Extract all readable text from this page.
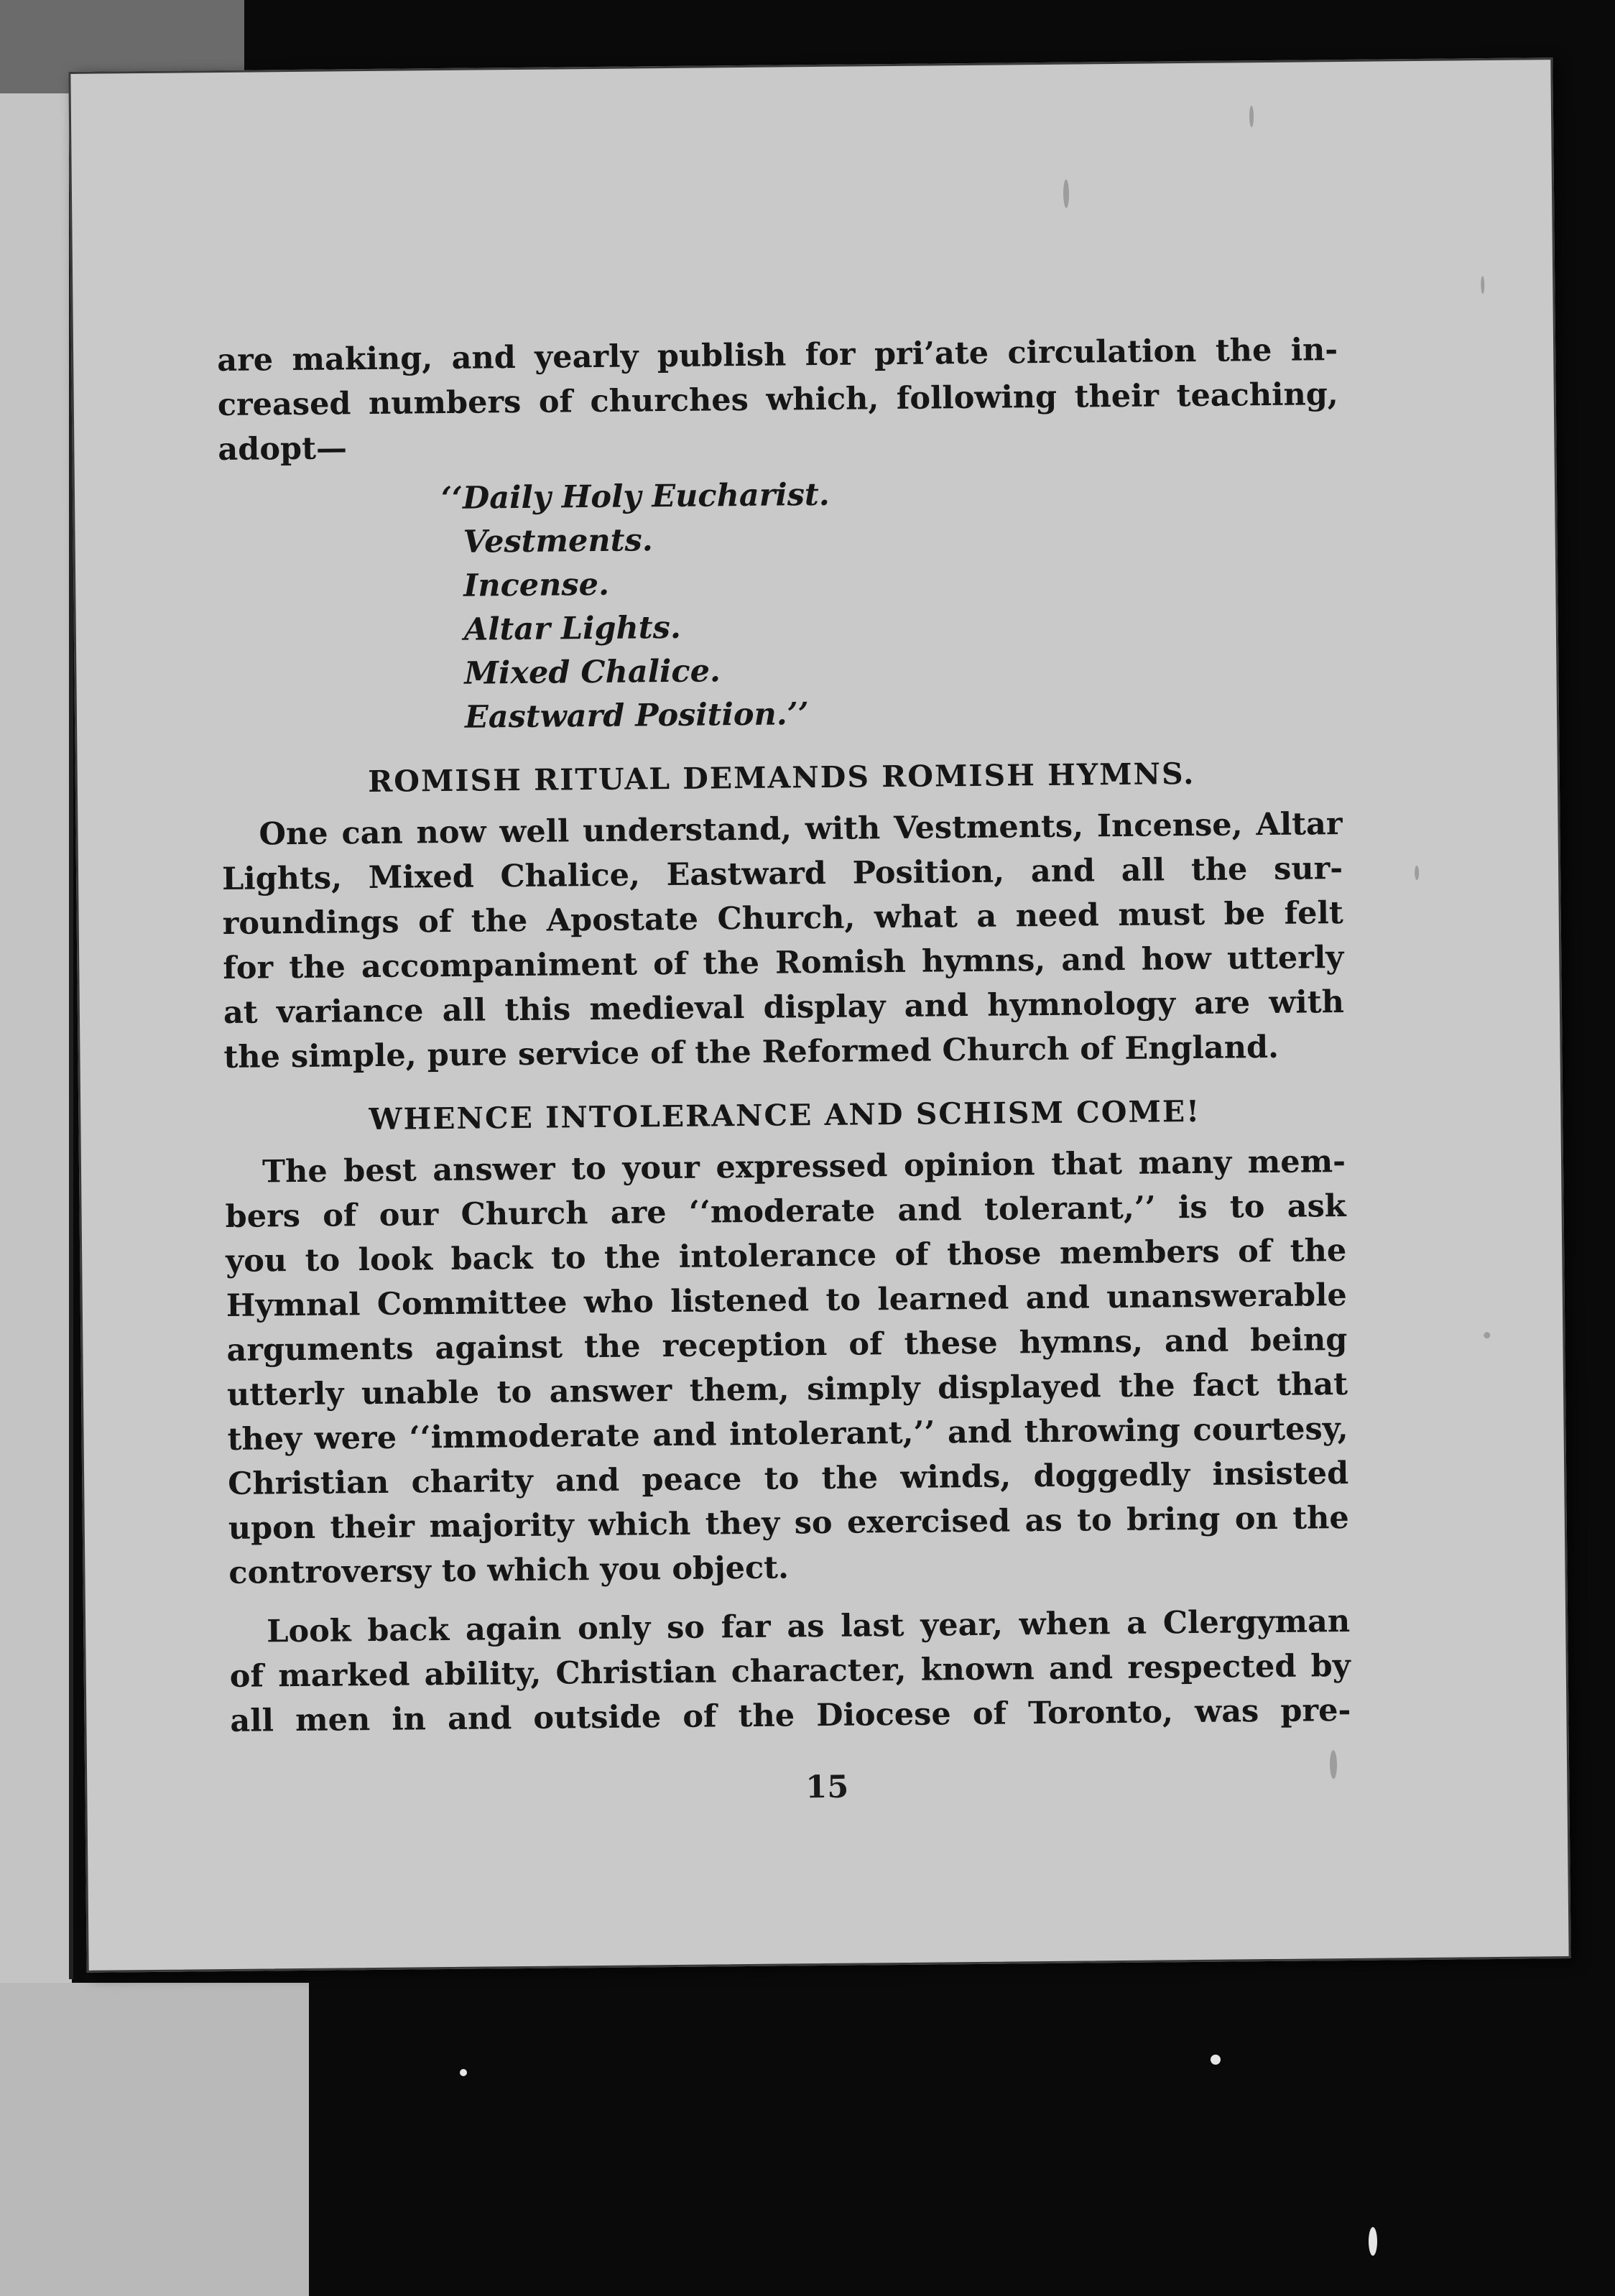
are making, and yearly publish for pri’ate circulation the in-
creased numbers of churches which, following their teaching,
adopt—
‘‘Daily Holy Eucharist.
Vestments.
Incense.
Altar Lights.
Mixed Chalice.
Eastward Position.’’
ROMISH RITUAL DEMANDS ROMISH HYMNS.
One can now well understand, with Vestments, Incense, Altar
Lights, Mixed Chalice, Eastward Position, and all the sur-
roundings of the Apostate Church, what a need must be felt
for the accompaniment of the Romish hymns, and how utterly
at variance all this medieval display and hymnology are with
the simple, pure service of the Reformed Church of England.
WHENCE INTOLERANCE AND SCHISM COME!
The best answer to your expressed opinion that many mem-
bers of our Church are ‘‘moderate and tolerant,’’ is to ask
you to look back to the intolerance of those members of the
Hymnal Committee who listened to learned and unanswerable
arguments against the reception of these hymns, and being
utterly unable to answer them, simply displayed the fact that
they were ‘‘immoderate and intolerant,’’ and throwing courtesy,
Christian charity and peace to the winds, doggedly insisted
upon their majority which they so exercised as to bring on the
controversy to which you object.
Look back again only so far as last year, when a Clergyman
of marked ability, Christian character, known and respected by
all men in and outside of the Diocese of Toronto, was pre-
15
